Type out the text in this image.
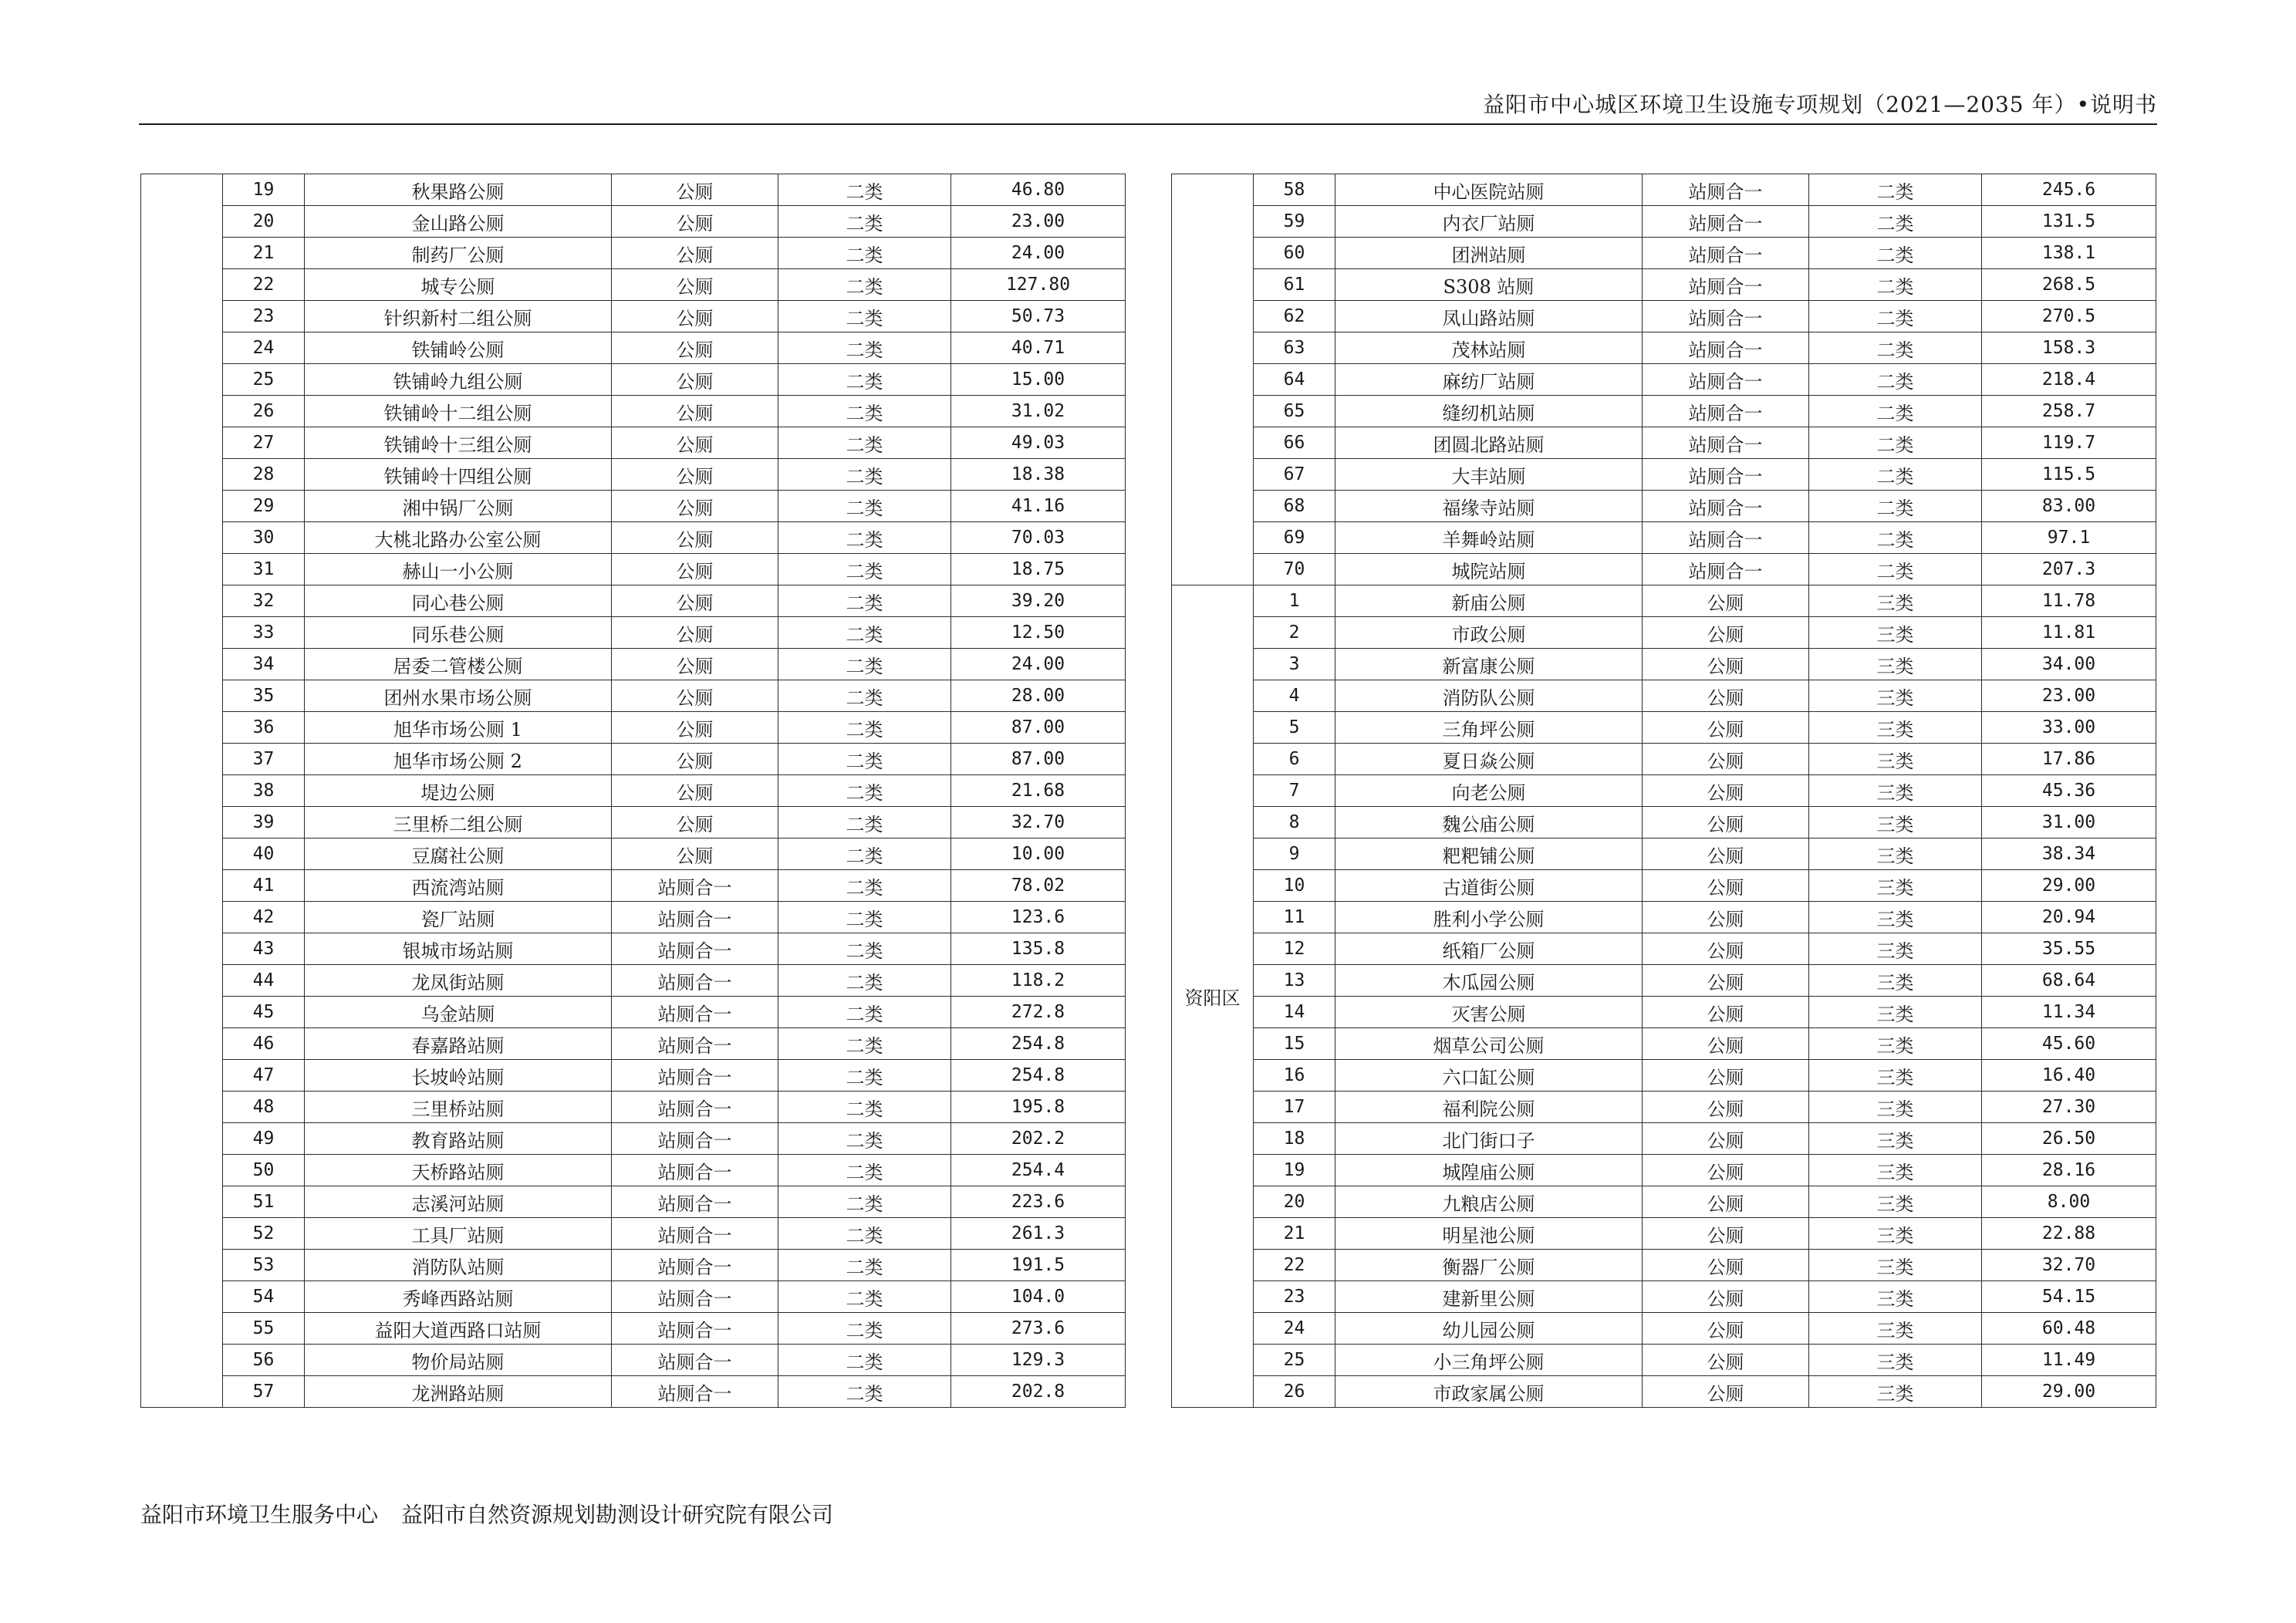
益阳市中心城区环境卫生设施专项规划（2021—2035 年）•说明书
	19	秋果路公厕	公厕	二类	46.80
	20	金山路公厕	公厕	二类	23.00
	21	制药厂公厕	公厕	二类	24.00
	22	城专公厕	公厕	二类	127.80
	23	针织新村二组公厕	公厕	二类	50.73
	24	铁铺岭公厕	公厕	二类	40.71
	25	铁铺岭九组公厕	公厕	二类	15.00
	26	铁铺岭十二组公厕	公厕	二类	31.02
	27	铁铺岭十三组公厕	公厕	二类	49.03
	28	铁铺岭十四组公厕	公厕	二类	18.38
	29	湘中锅厂公厕	公厕	二类	41.16
	30	大桃北路办公室公厕	公厕	二类	70.03
	31	赫山一小公厕	公厕	二类	18.75
	32	同心巷公厕	公厕	二类	39.20
	33	同乐巷公厕	公厕	二类	12.50
	34	居委二管楼公厕	公厕	二类	24.00
	35	团州水果市场公厕	公厕	二类	28.00
	36	旭华市场公厕 1	公厕	二类	87.00
	37	旭华市场公厕 2	公厕	二类	87.00
	38	堤边公厕	公厕	二类	21.68
	39	三里桥二组公厕	公厕	二类	32.70
	40	豆腐社公厕	公厕	二类	10.00
	41	西流湾站厕	站厕合一	二类	78.02
	42	瓷厂站厕	站厕合一	二类	123.6
	43	银城市场站厕	站厕合一	二类	135.8
	44	龙凤街站厕	站厕合一	二类	118.2
	45	乌金站厕	站厕合一	二类	272.8
	46	春嘉路站厕	站厕合一	二类	254.8
	47	长坡岭站厕	站厕合一	二类	254.8
	48	三里桥站厕	站厕合一	二类	195.8
	49	教育路站厕	站厕合一	二类	202.2
	50	天桥路站厕	站厕合一	二类	254.4
	51	志溪河站厕	站厕合一	二类	223.6
	52	工具厂站厕	站厕合一	二类	261.3
	53	消防队站厕	站厕合一	二类	191.5
	54	秀峰西路站厕	站厕合一	二类	104.0
	55	益阳大道西路口站厕	站厕合一	二类	273.6
	56	物价局站厕	站厕合一	二类	129.3
	57	龙洲路站厕	站厕合一	二类	202.8
	58	中心医院站厕	站厕合一	二类	245.6
	59	内衣厂站厕	站厕合一	二类	131.5
	60	团洲站厕	站厕合一	二类	138.1
	61	S308 站厕	站厕合一	二类	268.5
	62	凤山路站厕	站厕合一	二类	270.5
	63	茂林站厕	站厕合一	二类	158.3
	64	麻纺厂站厕	站厕合一	二类	218.4
	65	缝纫机站厕	站厕合一	二类	258.7
	66	团圆北路站厕	站厕合一	二类	119.7
	67	大丰站厕	站厕合一	二类	115.5
	68	福缘寺站厕	站厕合一	二类	83.00
	69	羊舞岭站厕	站厕合一	二类	97.1
	70	城院站厕	站厕合一	二类	207.3
资阳区	1	新庙公厕	公厕	三类	11.78
	2	市政公厕	公厕	三类	11.81
	3	新富康公厕	公厕	三类	34.00
	4	消防队公厕	公厕	三类	23.00
	5	三角坪公厕	公厕	三类	33.00
	6	夏日焱公厕	公厕	三类	17.86
	7	向老公厕	公厕	三类	45.36
	8	魏公庙公厕	公厕	三类	31.00
	9	粑粑铺公厕	公厕	三类	38.34
	10	古道街公厕	公厕	三类	29.00
	11	胜利小学公厕	公厕	三类	20.94
	12	纸箱厂公厕	公厕	三类	35.55
	13	木瓜园公厕	公厕	三类	68.64
	14	灭害公厕	公厕	三类	11.34
	15	烟草公司公厕	公厕	三类	45.60
	16	六口缸公厕	公厕	三类	16.40
	17	福利院公厕	公厕	三类	27.30
	18	北门街口子	公厕	三类	26.50
	19	城隍庙公厕	公厕	三类	28.16
	20	九粮店公厕	公厕	三类	8.00
	21	明星池公厕	公厕	三类	22.88
	22	衡器厂公厕	公厕	三类	32.70
	23	建新里公厕	公厕	三类	54.15
	24	幼儿园公厕	公厕	三类	60.48
	25	小三角坪公厕	公厕	三类	11.49
	26	市政家属公厕	公厕	三类	29.00
益阳市环境卫生服务中心 益阳市自然资源规划勘测设计研究院有限公司
